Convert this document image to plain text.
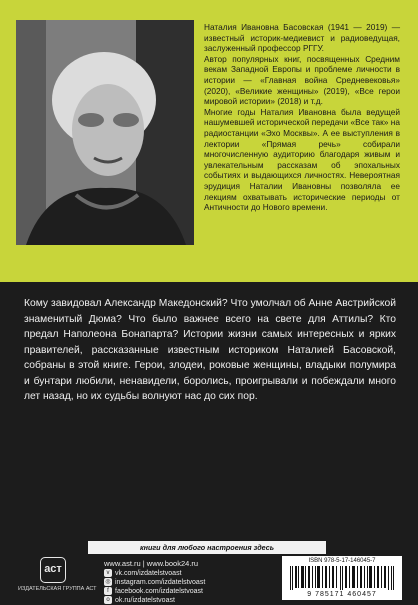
Наталия Ивановна Басовская (1941 — 2019) — известный историк-медиевист и радиоведущая, заслуженный профессор РГГУ.

Автор популярных книг, посвященных Средним векам Западной Европы и проблеме личности в истории — «Главная война Средневековья» (2020), «Великие женщины» (2019), «Все герои мировой истории» (2018) и т.д.

Многие годы Наталия Ивановна была ведущей нашумевшей исторической передачи «Все так» на радиостанции «Эхо Москвы». А ее выступления в лектории «Прямая речь» собирали многочисленную аудиторию благодаря живым и увлекательным рассказам об эпохальных событиях и выдающихся личностях. Невероятная эрудиция Наталии Ивановны позволяла ее лекциям охватывать исторические периоды от Античности до Нового времени.

Кому завидовал Александр Македонский? Что умолчал об Анне Австрийской знаменитый Дюма? Что было важнее всего на свете для Аттилы? Кто предал Наполеона Бонапарта? Истории жизни самых интересных и ярких правителей, рассказанные известным историком Наталией Басовской, собраны в этой книге. Герои, злодеи, роковые женщины, владыки полумира и бунтари любили, ненавидели, боролись, проигрывали и побеждали много лет назад, но их судьбы волнуют нас до сих пор.

книги для любого настроения здесь
аст
ИЗДАТЕЛЬСКАЯ ГРУППА АСТ
www.ast.ru | www.book24.ru
v vk.com/izdatelstvoast
◎ instagram.com/izdatelstvoast
f facebook.com/izdatelstvoast
o ok.ru/izdatelstvoast
ISBN 978-5-17-146045-7
9 785171 460457
